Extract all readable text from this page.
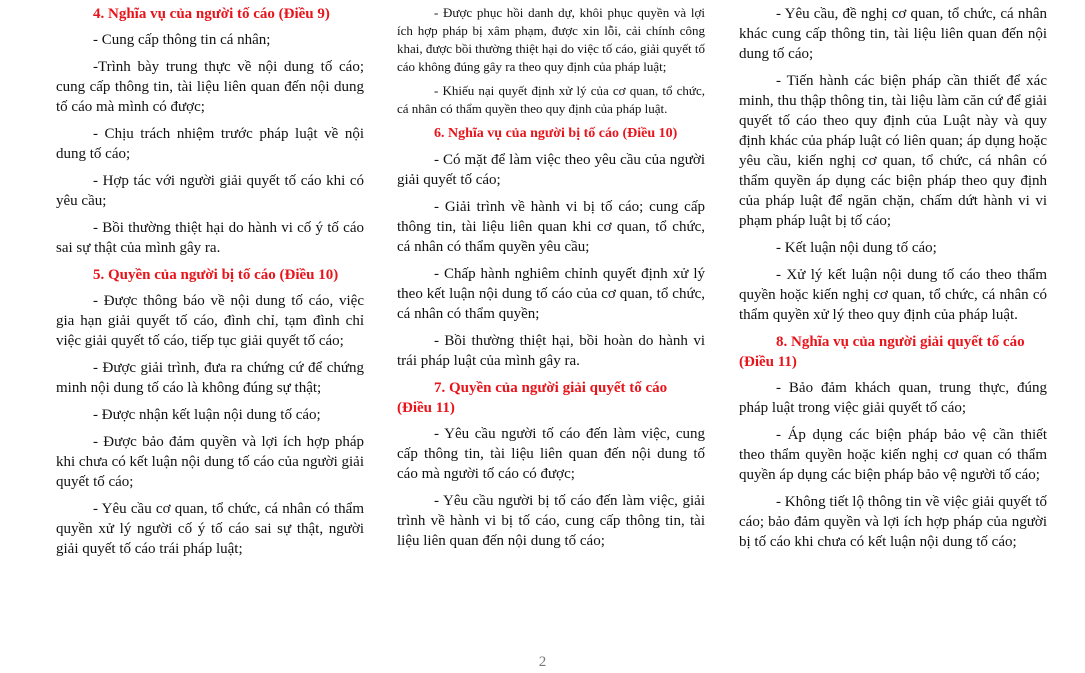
4. Nghĩa vụ của người tố cáo (Điều 9)
- Cung cấp thông tin cá nhân;
-Trình bày trung thực về nội dung tố cáo; cung cấp thông tin, tài liệu liên quan đến nội dung tố cáo mà mình có được;
- Chịu trách nhiệm trước pháp luật về nội dung tố cáo;
- Hợp tác với người giải quyết tố cáo khi có yêu cầu;
- Bồi thường thiệt hại do hành vi cố ý tố cáo sai sự thật của mình gây ra.
5. Quyền của người bị tố cáo (Điều 10)
- Được thông báo về nội dung tố cáo, việc gia hạn giải quyết tố cáo, đình chỉ, tạm đình chỉ việc giải quyết tố cáo, tiếp tục giải quyết tố cáo;
- Được giải trình, đưa ra chứng cứ để chứng minh nội dung tố cáo là không đúng sự thật;
- Được nhận kết luận nội dung tố cáo;
- Được bảo đảm quyền và lợi ích hợp pháp khi chưa có kết luận nội dung tố cáo của người giải quyết tố cáo;
- Yêu cầu cơ quan, tổ chức, cá nhân có thẩm quyền xử lý người cố ý tố cáo sai sự thật, người giải quyết tố cáo trái pháp luật;
- Được phục hồi danh dự, khôi phục quyền và lợi ích hợp pháp bị xâm phạm, được xin lỗi, cải chính công khai, được bồi thường thiệt hại do việc tố cáo, giải quyết tố cáo không đúng gây ra theo quy định của pháp luật;
- Khiếu nại quyết định xử lý của cơ quan, tổ chức, cá nhân có thẩm quyền theo quy định của pháp luật.
6. Nghĩa vụ của người bị tố cáo (Điều 10)
- Có mặt để làm việc theo yêu cầu của người giải quyết tố cáo;
- Giải trình về hành vi bị tố cáo; cung cấp thông tin, tài liệu liên quan khi cơ quan, tổ chức, cá nhân có thẩm quyền yêu cầu;
- Chấp hành nghiêm chỉnh quyết định xử lý theo kết luận nội dung tố cáo của cơ quan, tổ chức, cá nhân có thẩm quyền;
- Bồi thường thiệt hại, bồi hoàn do hành vi trái pháp luật của mình gây ra.
7. Quyền của người giải quyết tố cáo (Điều 11)
- Yêu cầu người tố cáo đến làm việc, cung cấp thông tin, tài liệu liên quan đến nội dung tố cáo mà người tố cáo có được;
- Yêu cầu người bị tố cáo đến làm việc, giải trình về hành vi bị tố cáo, cung cấp thông tin, tài liệu liên quan đến nội dung tố cáo;
- Yêu cầu, đề nghị cơ quan, tổ chức, cá nhân khác cung cấp thông tin, tài liệu liên quan đến nội dung tố cáo;
- Tiến hành các biện pháp cần thiết để xác minh, thu thập thông tin, tài liệu làm căn cứ để giải quyết tố cáo theo quy định của Luật này và quy định khác của pháp luật có liên quan; áp dụng hoặc yêu cầu, kiến nghị cơ quan, tổ chức, cá nhân có thẩm quyền áp dụng các biện pháp theo quy định của pháp luật để ngăn chặn, chấm dứt hành vi vi phạm pháp luật bị tố cáo;
- Kết luận nội dung tố cáo;
- Xử lý kết luận nội dung tố cáo theo thẩm quyền hoặc kiến nghị cơ quan, tổ chức, cá nhân có thẩm quyền xử lý theo quy định của pháp luật.
8. Nghĩa vụ của người giải quyết tố cáo (Điều 11)
- Bảo đảm khách quan, trung thực, đúng pháp luật trong việc giải quyết tố cáo;
- Áp dụng các biện pháp bảo vệ cần thiết theo thẩm quyền hoặc kiến nghị cơ quan có thẩm quyền áp dụng các biện pháp bảo vệ người tố cáo;
- Không tiết lộ thông tin về việc giải quyết tố cáo; bảo đảm quyền và lợi ích hợp pháp của người bị tố cáo khi chưa có kết luận nội dung tố cáo;
2
